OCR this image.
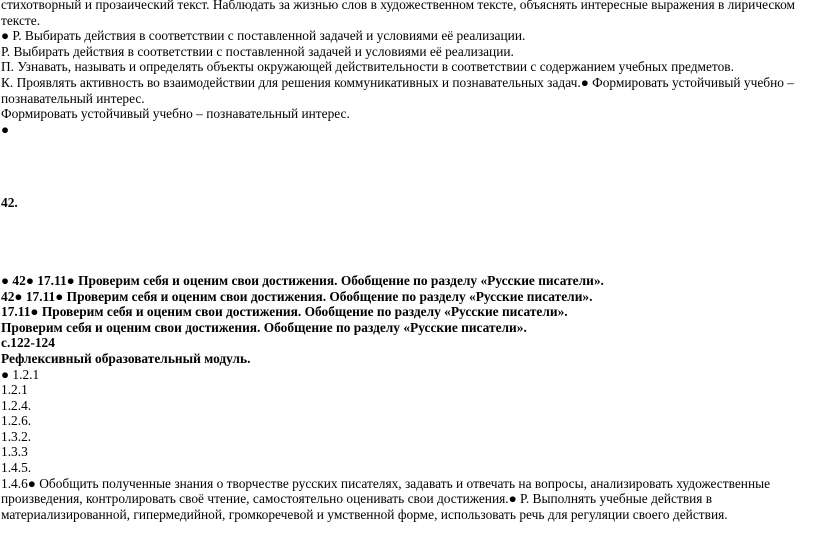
стихотворный и прозаический текст. Наблюдать за жизнью слов в художественном тексте, объяснять интересные выражения в лирическом тексте.
● Р. Выбирать действия в соответствии с поставленной задачей и условиями её реализации.
Р. Выбирать действия в соответствии с поставленной задачей и условиями её реализации.
П. Узнавать, называть и определять объекты окружающей действительности в соответствии с содержанием учебных предметов.
К. Проявлять активность во взаимодействии для решения коммуникативных и познавательных задач.● Формировать устойчивый учебно – познавательный интерес.
Формировать устойчивый учебно – познавательный интерес.
●
42.
● 42● 17.11● Проверим себя и оценим свои достижения. Обобщение по разделу «Русские писатели».
42● 17.11● Проверим себя и оценим свои достижения. Обобщение по разделу «Русские писатели».
17.11● Проверим себя и оценим свои достижения. Обобщение по разделу «Русские писатели».
Проверим себя и оценим свои достижения. Обобщение по разделу «Русские писатели».
с.122-124
Рефлексивный образовательный модуль.
● 1.2.1
1.2.1
1.2.4.
1.2.6.
1.3.2.
1.3.3
1.4.5.
1.4.6● Обобщить полученные знания о творчестве русских писателях, задавать и отвечать на вопросы, анализировать художественные произведения, контролировать своё чтение, самостоятельно оценивать свои достижения.● Р. Выполнять учебные действия в материализированной, гипермедийной, громкоречевой и умственной форме, использовать речь для регуляции своего действия.
